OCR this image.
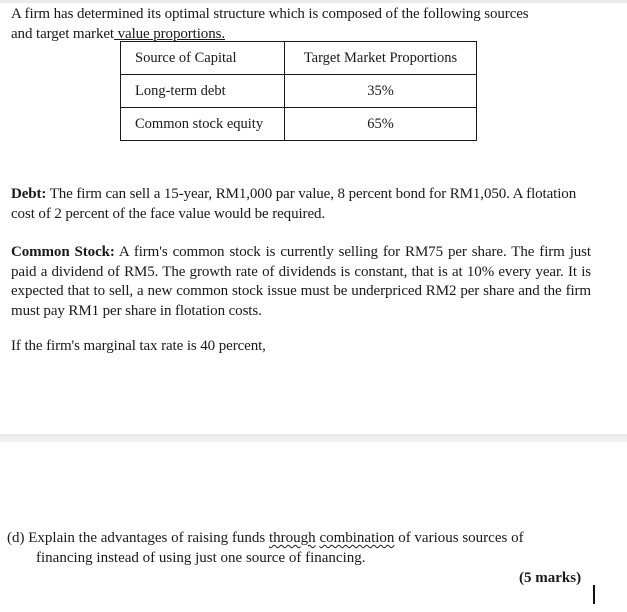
A firm has determined its optimal structure which is composed of the following sources
and target market value proportions.
Source of Capital	Target Market Proportions
Long-term debt	35%
Common stock equity	65%
Debt: The firm can sell a 15-year, RM1,000 par value, 8 percent bond for RM1,050. A flotation cost of 2 percent of the face value would be required.
Common Stock: A firm's common stock is currently selling for RM75 per share. The firm just paid a dividend of RM5. The growth rate of dividends is constant, that is at 10% every year. It is expected that to sell, a new common stock issue must be underpriced RM2 per share and the firm must pay RM1 per share in flotation costs.
If the firm's marginal tax rate is 40 percent,
(d) Explain the advantages of raising funds through combination of various sources of
financing instead of using just one source of financing.
(5 marks)
